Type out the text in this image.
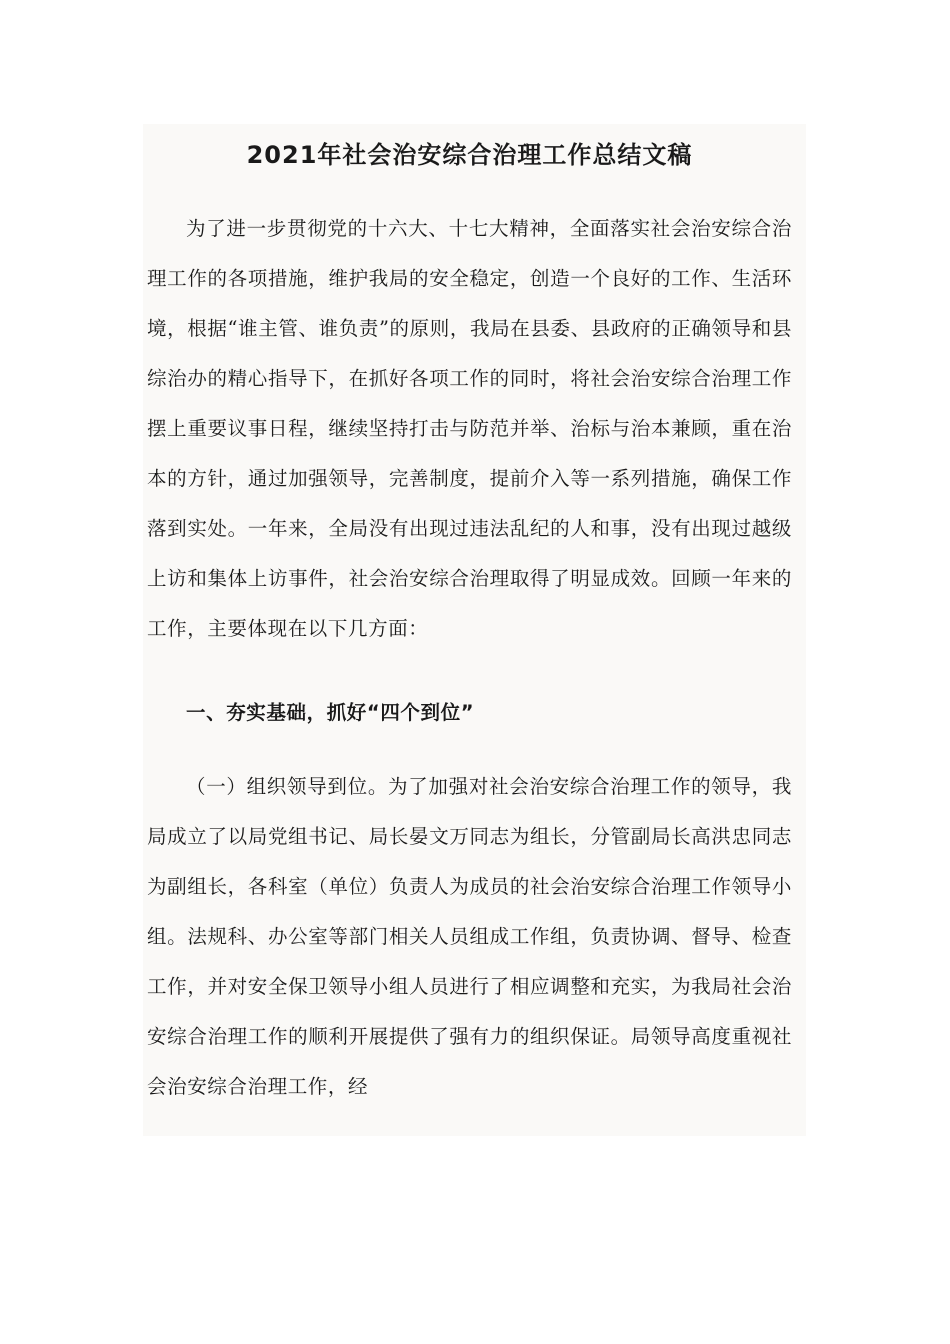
2021年社会治安综合治理工作总结文稿

为了进一步贯彻党的十六大、十七大精神，全面落实社会治安综合治理工作的各项措施，维护我局的安全稳定，创造一个良好的工作、生活环境，根据“谁主管、谁负责”的原则，我局在县委、县政府的正确领导和县综治办的精心指导下，在抓好各项工作的同时，将社会治安综合治理工作摆上重要议事日程，继续坚持打击与防范并举、治标与治本兼顾，重在治本的方针，通过加强领导，完善制度，提前介入等一系列措施，确保工作落到实处。一年来，全局没有出现过违法乱纪的人和事，没有出现过越级上访和集体上访事件，社会治安综合治理取得了明显成效。回顾一年来的工作，主要体现在以下几方面：

一、夯实基础，抓好“四个到位”

（一）组织领导到位。为了加强对社会治安综合治理工作的领导，我局成立了以局党组书记、局长晏文万同志为组长，分管副局长高洪忠同志为副组长，各科室（单位）负责人为成员的社会治安综合治理工作领导小组。法规科、办公室等部门相关人员组成工作组，负责协调、督导、检查工作，并对安全保卫领导小组人员进行了相应调整和充实，为我局社会治安综合治理工作的顺利开展提供了强有力的组织保证。局领导高度重视社会治安综合治理工作，经
